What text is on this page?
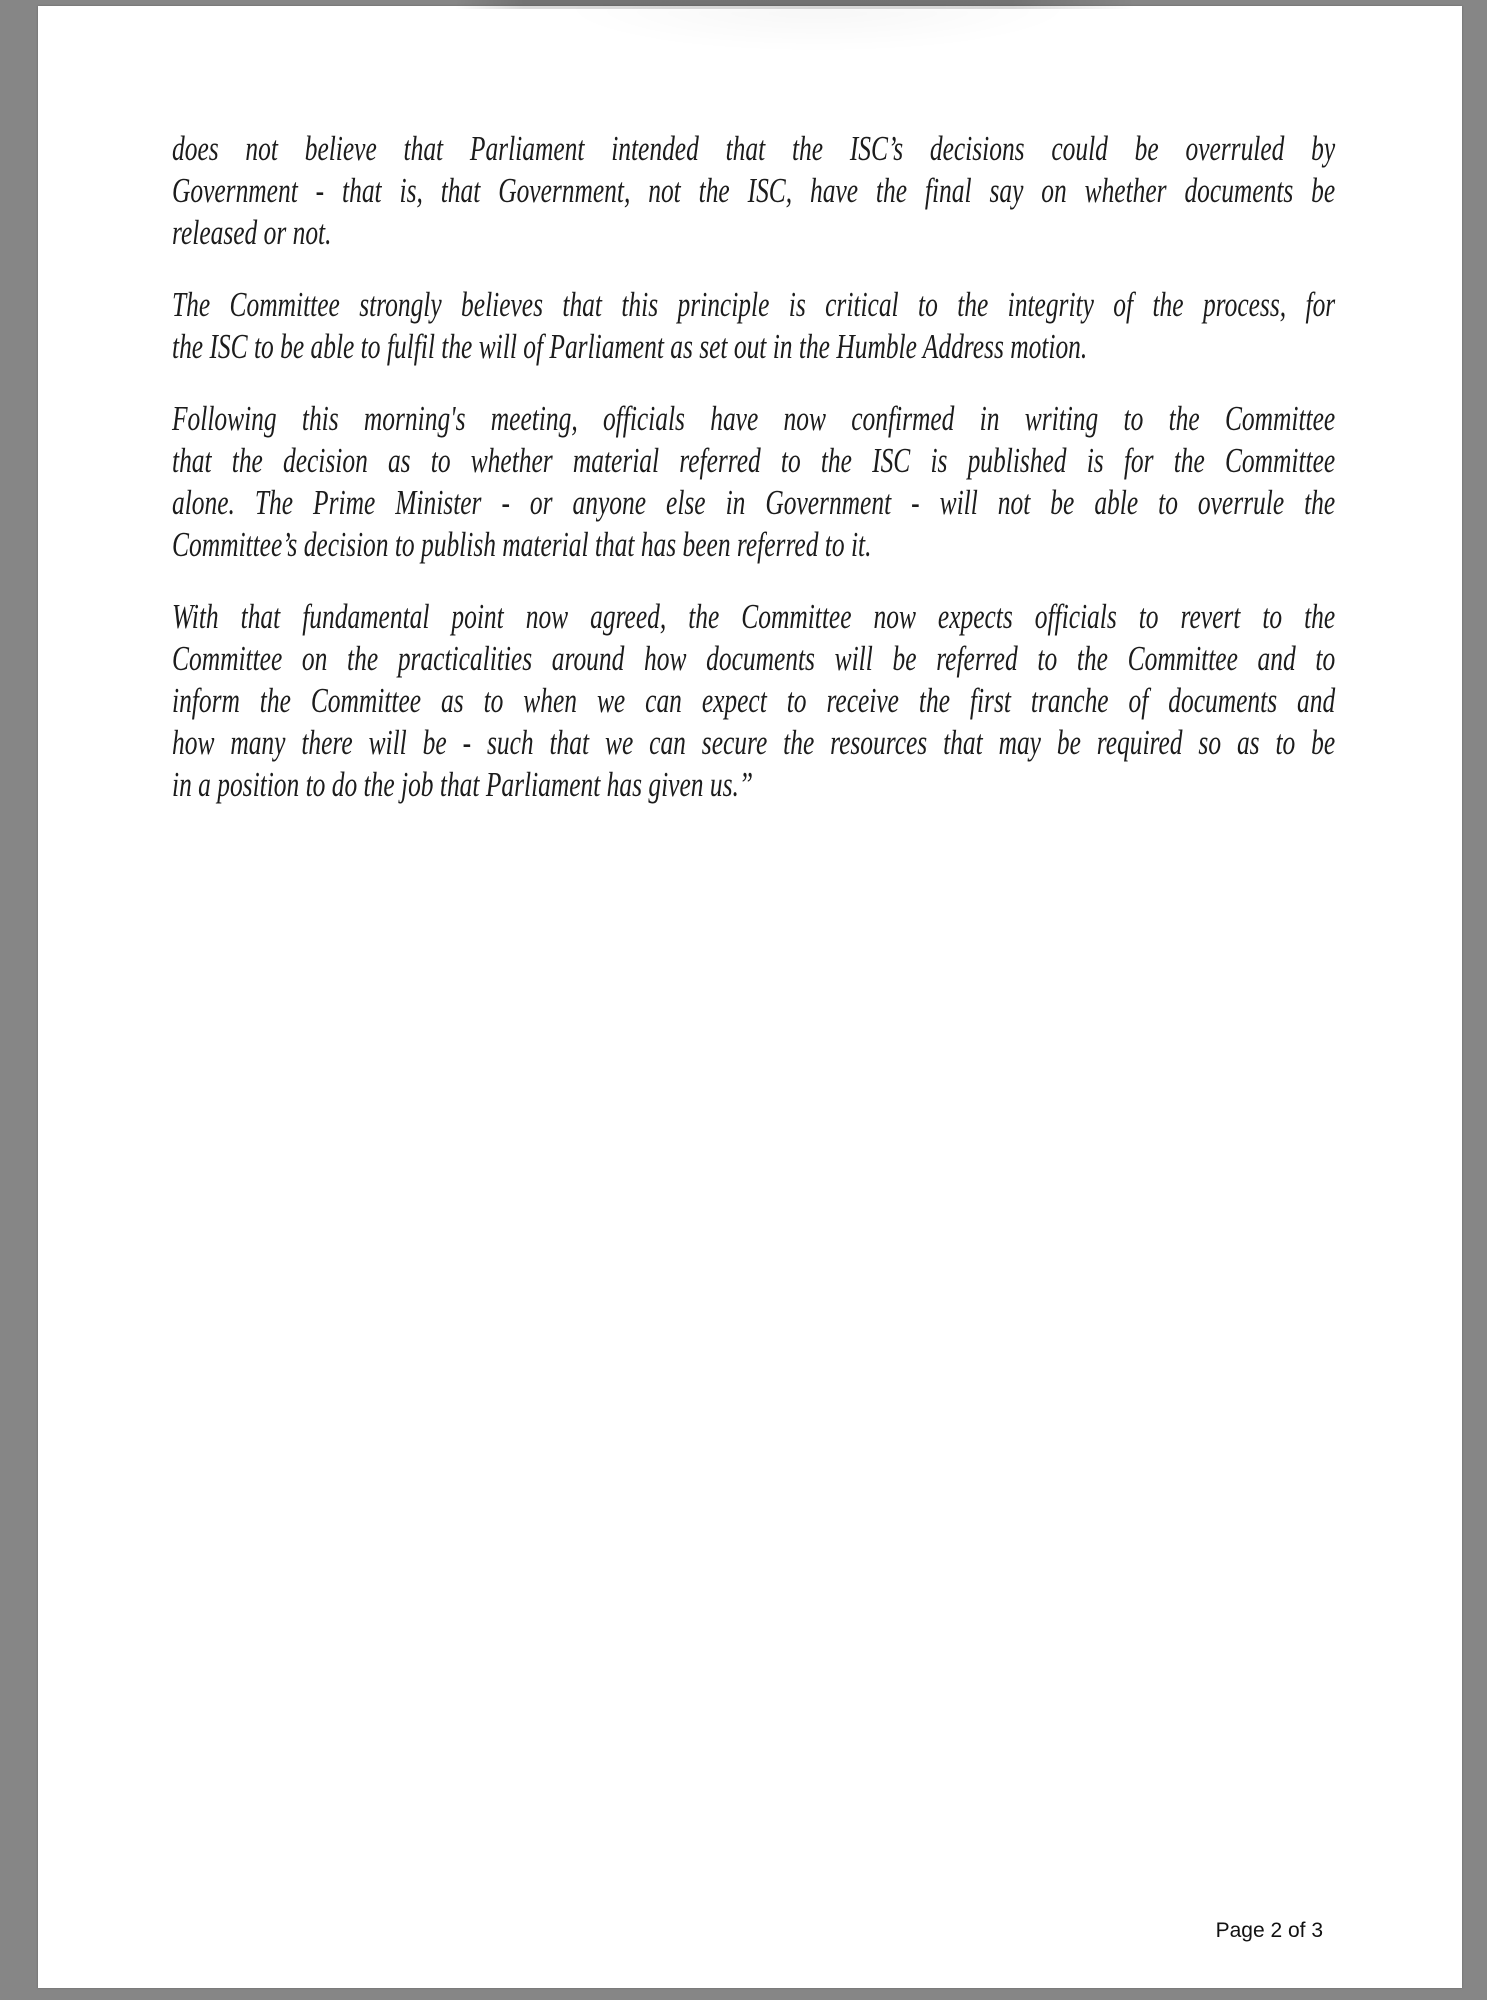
does not believe that Parliament intended that the ISC’s decisions could be overruled by
Government - that is, that Government, not the ISC, have the final say on whether documents be
released or not.

The Committee strongly believes that this principle is critical to the integrity of the process, for
the ISC to be able to fulfil the will of Parliament as set out in the Humble Address motion.

Following this morning's meeting, officials have now confirmed in writing to the Committee
that the decision as to whether material referred to the ISC is published is for the Committee
alone. The Prime Minister - or anyone else in Government - will not be able to overrule the
Committee’s decision to publish material that has been referred to it.

With that fundamental point now agreed, the Committee now expects officials to revert to the
Committee on the practicalities around how documents will be referred to the Committee and to
inform the Committee as to when we can expect to receive the first tranche of documents and
how many there will be - such that we can secure the resources that may be required so as to be
in a position to do the job that Parliament has given us.”

Page 2 of 3
